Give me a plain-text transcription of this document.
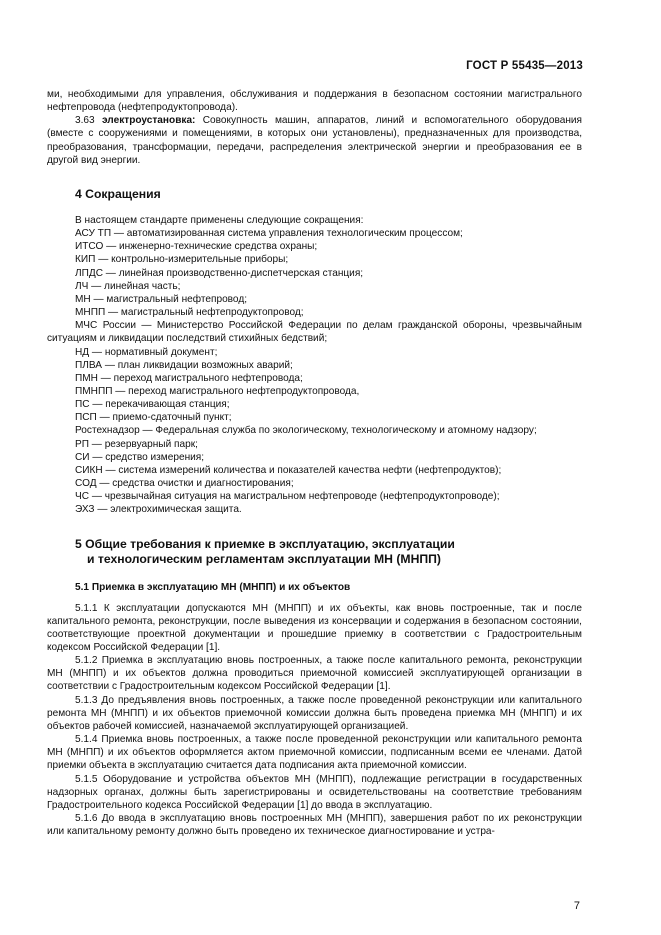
ГОСТ Р 55435—2013

ми, необходимыми для управления, обслуживания и поддержания в безопасном состоянии магистрального нефтепровода (нефтепродуктопровода).

3.63 электроустановка: Совокупность машин, аппаратов, линий и вспомогательного оборудования (вместе с сооружениями и помещениями, в которых они установлены), предназначенных для производства, преобразования, трансформации, передачи, распределения электрической энергии и преобразования ее в другой вид энергии.

4 Сокращения

В настоящем стандарте применены следующие сокращения:

АСУ ТП — автоматизированная система управления технологическим процессом;

ИТСО — инженерно-технические средства охраны;

КИП — контрольно-измерительные приборы;

ЛПДС — линейная производственно-диспетчерская станция;

ЛЧ — линейная часть;

МН — магистральный нефтепровод;

МНПП — магистральный нефтепродуктопровод;

МЧС России — Министерство Российской Федерации по делам гражданской обороны, чрезвычайным ситуациям и ликвидации последствий стихийных бедствий;

НД — нормативный документ;

ПЛВА — план ликвидации возможных аварий;

ПМН — переход магистрального нефтепровода;

ПМНПП — переход магистрального нефтепродуктопровода,

ПС — перекачивающая станция;

ПСП — приемо-сдаточный пункт;

Ростехнадзор — Федеральная служба по экологическому, технологическому и атомному надзору;

РП — резервуарный парк;

СИ — средство измерения;

СИКН — система измерений количества и показателей качества нефти (нефтепродуктов);

СОД — средства очистки и диагностирования;

ЧС — чрезвычайная ситуация на магистральном нефтепроводе (нефтепродуктопроводе);

ЭХЗ — электрохимическая защита.

5 Общие требования к приемке в эксплуатацию, эксплуатации
и технологическим регламентам эксплуатации МН (МНПП)
5.1 Приемка в эксплуатацию МН (МНПП) и их объектов

5.1.1 К эксплуатации допускаются МН (МНПП) и их объекты, как вновь построенные, так и после капитального ремонта, реконструкции, после выведения из консервации и содержания в безопасном состоянии, соответствующие проектной документации и прошедшие приемку в соответствии с Градостроительным кодексом Российской Федерации [1].

5.1.2 Приемка в эксплуатацию вновь построенных, а также после капитального ремонта, реконструкции МН (МНПП) и их объектов должна проводиться приемочной комиссией эксплуатирующей организации в соответствии с Градостроительным кодексом Российской Федерации [1].

5.1.3 До предъявления вновь построенных, а также после проведенной реконструкции или капитального ремонта МН (МНПП) и их объектов приемочной комиссии должна быть проведена приемка МН (МНПП) и их объектов рабочей комиссией, назначаемой эксплуатирующей организацией.

5.1.4 Приемка вновь построенных, а также после проведенной реконструкции или капитального ремонта МН (МНПП) и их объектов оформляется актом приемочной комиссии, подписанным всеми ее членами. Датой приемки объекта в эксплуатацию считается дата подписания акта приемочной комиссии.

5.1.5 Оборудование и устройства объектов МН (МНПП), подлежащие регистрации в государственных надзорных органах, должны быть зарегистрированы и освидетельствованы на соответствие требованиям Градостроительного кодекса Российской Федерации [1] до ввода в эксплуатацию.

5.1.6 До ввода в эксплуатацию вновь построенных МН (МНПП), завершения работ по их реконструкции или капитальному ремонту должно быть проведено их техническое диагностирование и устра-

7
